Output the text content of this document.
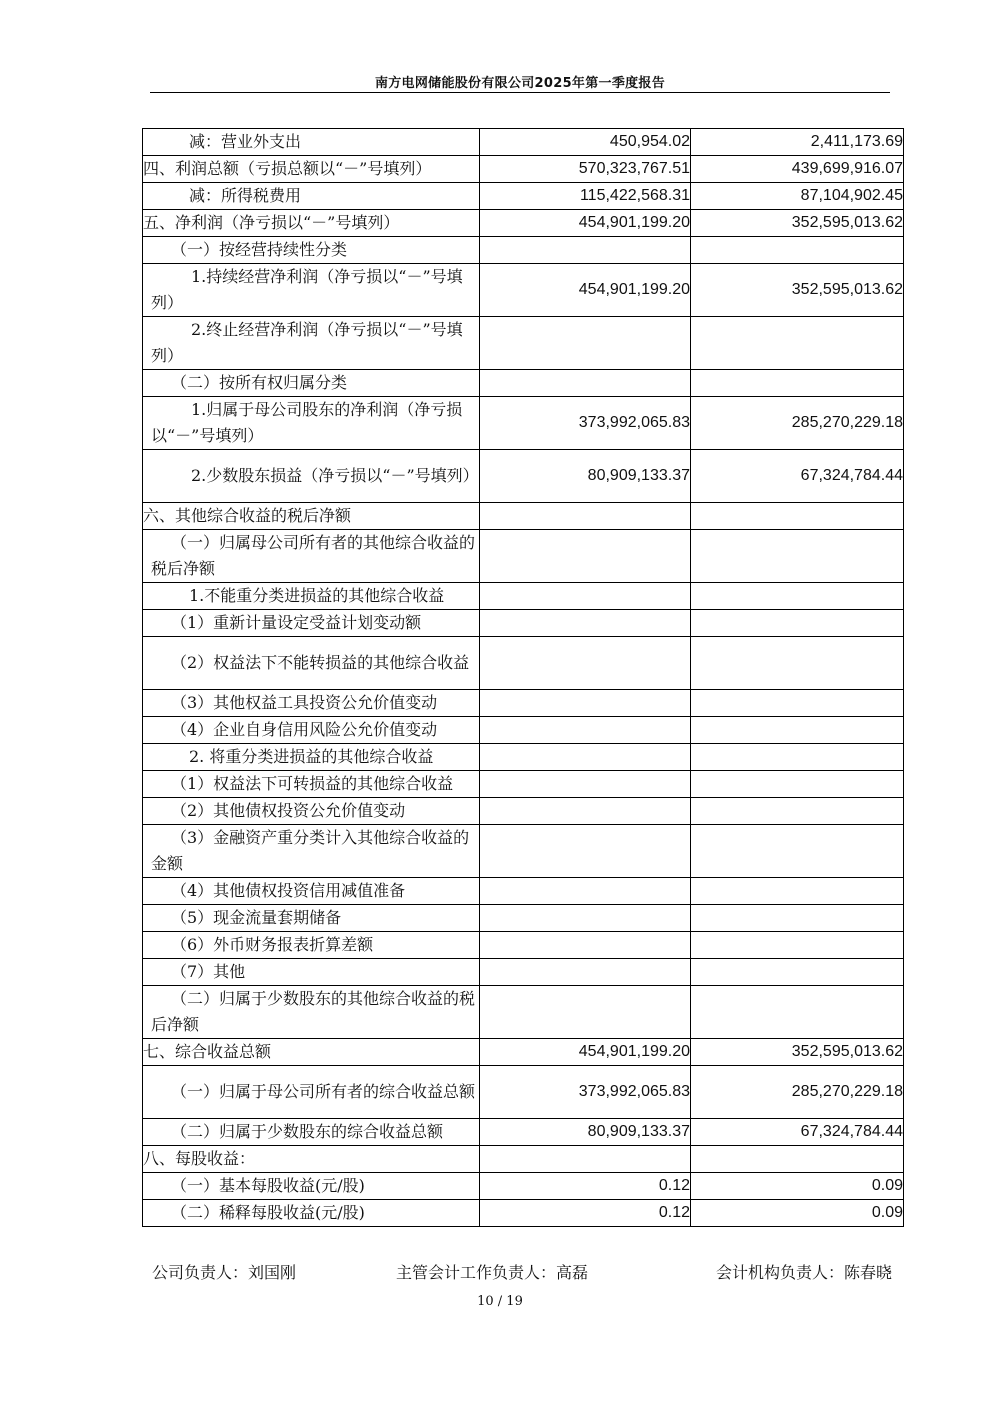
南方电网储能股份有限公司2025年第一季度报告
减：营业外支出	450,954.02	2,411,173.69
四、利润总额（亏损总额以“－”号填列）	570,323,767.51	439,699,916.07
减：所得税费用	115,422,568.31	87,104,902.45
五、净利润（净亏损以“－”号填列）	454,901,199.20	352,595,013.62
（一）按经营持续性分类		
1.持续经营净利润（净亏损以“－”号填列）	454,901,199.20	352,595,013.62
2.终止经营净利润（净亏损以“－”号填列）		
（二）按所有权归属分类		
1.归属于母公司股东的净利润（净亏损以“－”号填列）	373,992,065.83	285,270,229.18
2.少数股东损益（净亏损以“－”号填列）	80,909,133.37	67,324,784.44
六、其他综合收益的税后净额		
（一）归属母公司所有者的其他综合收益的税后净额		
1.不能重分类进损益的其他综合收益		
（1）重新计量设定受益计划变动额		
（2）权益法下不能转损益的其他综合收益		
（3）其他权益工具投资公允价值变动		
（4）企业自身信用风险公允价值变动		
2. 将重分类进损益的其他综合收益		
（1）权益法下可转损益的其他综合收益		
（2）其他债权投资公允价值变动		
（3）金融资产重分类计入其他综合收益的金额		
（4）其他债权投资信用减值准备		
（5）现金流量套期储备		
（6）外币财务报表折算差额		
（7）其他		
（二）归属于少数股东的其他综合收益的税后净额		
七、综合收益总额	454,901,199.20	352,595,013.62
（一）归属于母公司所有者的综合收益总额	373,992,065.83	285,270,229.18
（二）归属于少数股东的综合收益总额	80,909,133.37	67,324,784.44
八、每股收益：		
（一）基本每股收益(元/股)	0.12	0.09
（二）稀释每股收益(元/股)	0.12	0.09
公司负责人：刘国刚	主管会计工作负责人：高磊	会计机构负责人：陈春晓
10 / 19
